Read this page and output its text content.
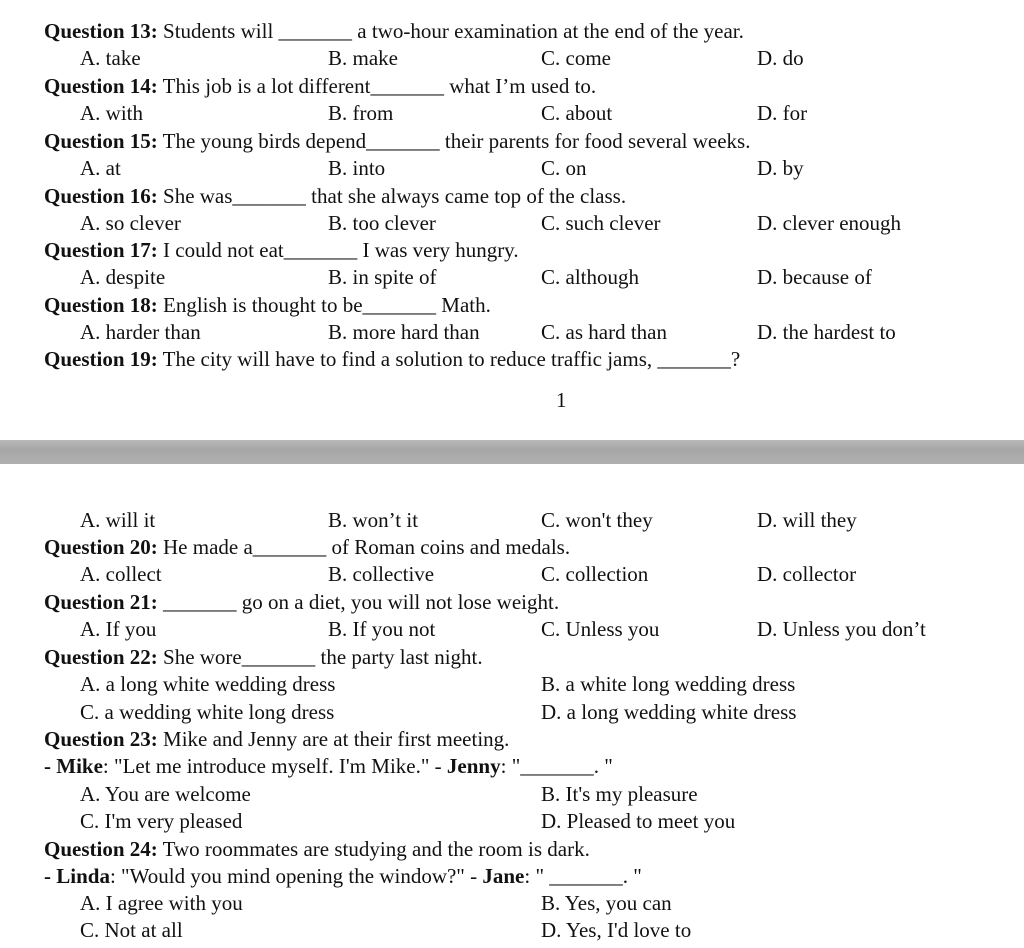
Question 13: Students will _______ a two-hour examination at the end of the year.
A. take	B. make	C. come	D. do
Question 14: This job is a lot different_______ what I’m used to.
A. with	B. from	C. about	D. for
Question 15: The young birds depend_______ their parents for food several weeks.
A. at	B. into	C. on	D. by
Question 16: She was_______ that she always came top of the class.
A. so clever	B. too clever	C. such clever	D. clever enough
Question 17: I could not eat_______ I was very hungry.
A. despite	B. in spite of	C. although	D. because of
Question 18: English is thought to be_______ Math.
A. harder than	B. more hard than	C. as hard than	D. the hardest to
Question 19: The city will have to find a solution to reduce traffic jams, _______?
1
A. will it	B. won’t it	C. won't they	D. will they
Question 20: He made a_______ of Roman coins and medals.
A. collect	B. collective	C. collection	D. collector
Question 21: _______ go on a diet, you will not lose weight.
A. If you	B. If you not	C. Unless you	D. Unless you don’t
Question 22: She wore_______ the party last night.
A. a long white wedding dress	B. a white long wedding dress
C. a wedding white long dress	D. a long wedding white dress
Question 23: Mike and Jenny are at their first meeting.
- Mike: "Let me introduce myself. I'm Mike." - Jenny: "_______. "
A. You are welcome	B. It's my pleasure
C. I'm very pleased	D. Pleased to meet you
Question 24: Two roommates are studying and the room is dark.
- Linda: "Would you mind opening the window?" - Jane: " _______. "
A. I agree with you	B. Yes, you can
C. Not at all	D. Yes, I'd love to
